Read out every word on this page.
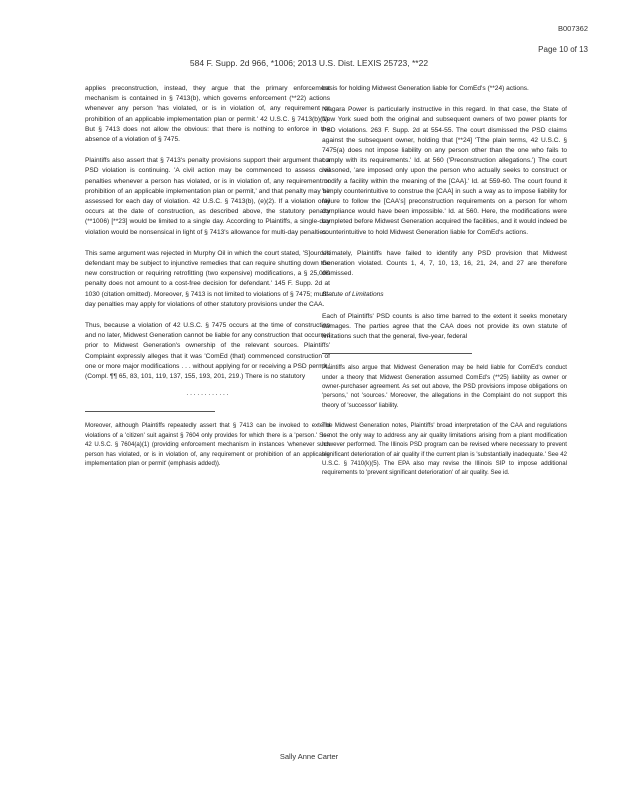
B007362
Page 10 of 13
584 F. Supp. 2d 966, *1006; 2013 U.S. Dist. LEXIS 25723, **22

applies preconstruction, instead, they argue that the primary enforcement mechanism is contained in § 7413(b), which governs enforcement (**22) actions whenever any person 'has violated, or is in violation of, any requirement or prohibition of an applicable implementation plan or permit.' 42 U.S.C. § 7413(b)(1). But § 7413 does not allow the obvious: that there is nothing to enforce in the absence of a violation of § 7475.

Plaintiffs also assert that § 7413's penalty provisions support their argument that a PSD violation is continuing. 'A civil action may be commenced to assess civil penalties whenever a person has violated, or is in violation of, any requirement or prohibition of an applicable implementation plan or permit,' and that penalty may be assessed for each day of violation. 42 U.S.C. § 7413(b), (e)(2). If a violation only occurs at the date of construction, as described above, the statutory penalty (**1006) [**23] would be limited to a single day. According to Plaintiffs, a single-day violation would be nonsensical in light of § 7413's allowance for multi-day penalties.

This same argument was rejected in Murphy Oil in which the court stated, 'S]ources defendant may be subject to injunctive remedies that can require shutting down the new construction or requiring retrofitting (two expensive) modifications, a § 25,000 penalty does not amount to a cost-free decision for defendant.' 145 F. Supp. 2d at 1030 (citation omitted). Moreover, § 7413 is not limited to violations of § 7475; multi-day penalties may apply for violations of other statutory provisions under the CAA.

Thus, because a violation of 42 U.S.C. § 7475 occurs at the time of construction and no later, Midwest Generation cannot be liable for any construction that occurred prior to Midwest Generation's ownership of the relevant sources. Plaintiffs' Complaint expressly alleges that it was 'ComEd (that) commenced construction of one or more major modifications . . . without applying for or receiving a PSD permit.' (Compl. ¶¶ 65, 83, 101, 119, 137, 155, 193, 201, 219.) There is no statutory

. . . . . . . . . . . .

Moreover, although Plaintiffs repeatedly assert that § 7413 can be invoked to extend violations of a 'citizen' suit against § 7604 only provides for which there is a 'person.' See 42 U.S.C. § 7604(a)(1) (providing enforcement mechanism in instances 'whenever such person has violated, or is in violation of, any requirement or prohibition of an applicable implementation plan or permit' (emphasis added)).

basis for holding Midwest Generation liable for ComEd's (**24) actions.

Niagara Power is particularly instructive in this regard. In that case, the State of New York sued both the original and subsequent owners of two power plants for PSD violations. 263 F. Supp. 2d at 554-55. The court dismissed the PSD claims against the subsequent owner, holding that [**24] 'Tthe plain terms, 42 U.S.C. § 7475(a) does not impose liability on any person other than the one who fails to comply with its requirements.' Id. at 560 ('Preconstruction allegations.') The court reasoned, 'are imposed only upon the person who actually seeks to construct or modify a facility within the meaning of the [CAA].' Id. at 559-60. The court found it 'simply counterintuitive to construe the [CAA] in such a way as to impose liability for failure to follow the [CAA's] preconstruction requirements on a person for whom compliance would have been impossible.' Id. at 560. Here, the modifications were completed before Midwest Generation acquired the facilities, and it would indeed be counterintuitive to hold Midwest Generation liable for ComEd's actions.

Ultimately, Plaintiffs have failed to identify any PSD provision that Midwest Generation violated. Counts 1, 4, 7, 10, 13, 16, 21, 24, and 27 are therefore dismissed.

Statute of Limitations

Each of Plaintiffs' PSD counts is also time barred to the extent it seeks monetary damages. The parties agree that the CAA does not provide its own statute of limitations such that the general, five-year, federal

Plaintiffs also argue that Midwest Generation may be held liable for ComEd's conduct under a theory that Midwest Generation assumed ComEd's (**25) liability as owner or owner-purchaser agreement. As set out above, the PSD provisions impose obligations on 'persons,' not 'sources.' Moreover, the allegations in the Complaint do not support this theory of 'successor' liability.

The Midwest Generation notes, Plaintiffs' broad interpretation of the CAA and regulations is not the only way to address any air quality limitations arising from a plant modification however performed. The Illinois PSD program can be revised where necessary to prevent significant deterioration of air quality if the current plan is 'substantially inadequate.' See 42 U.S.C. § 7410(k)(5). The EPA also may revise the Illinois SIP to impose additional requirements to 'prevent significant deterioration' of air quality. See id.

Sally Anne Carter
